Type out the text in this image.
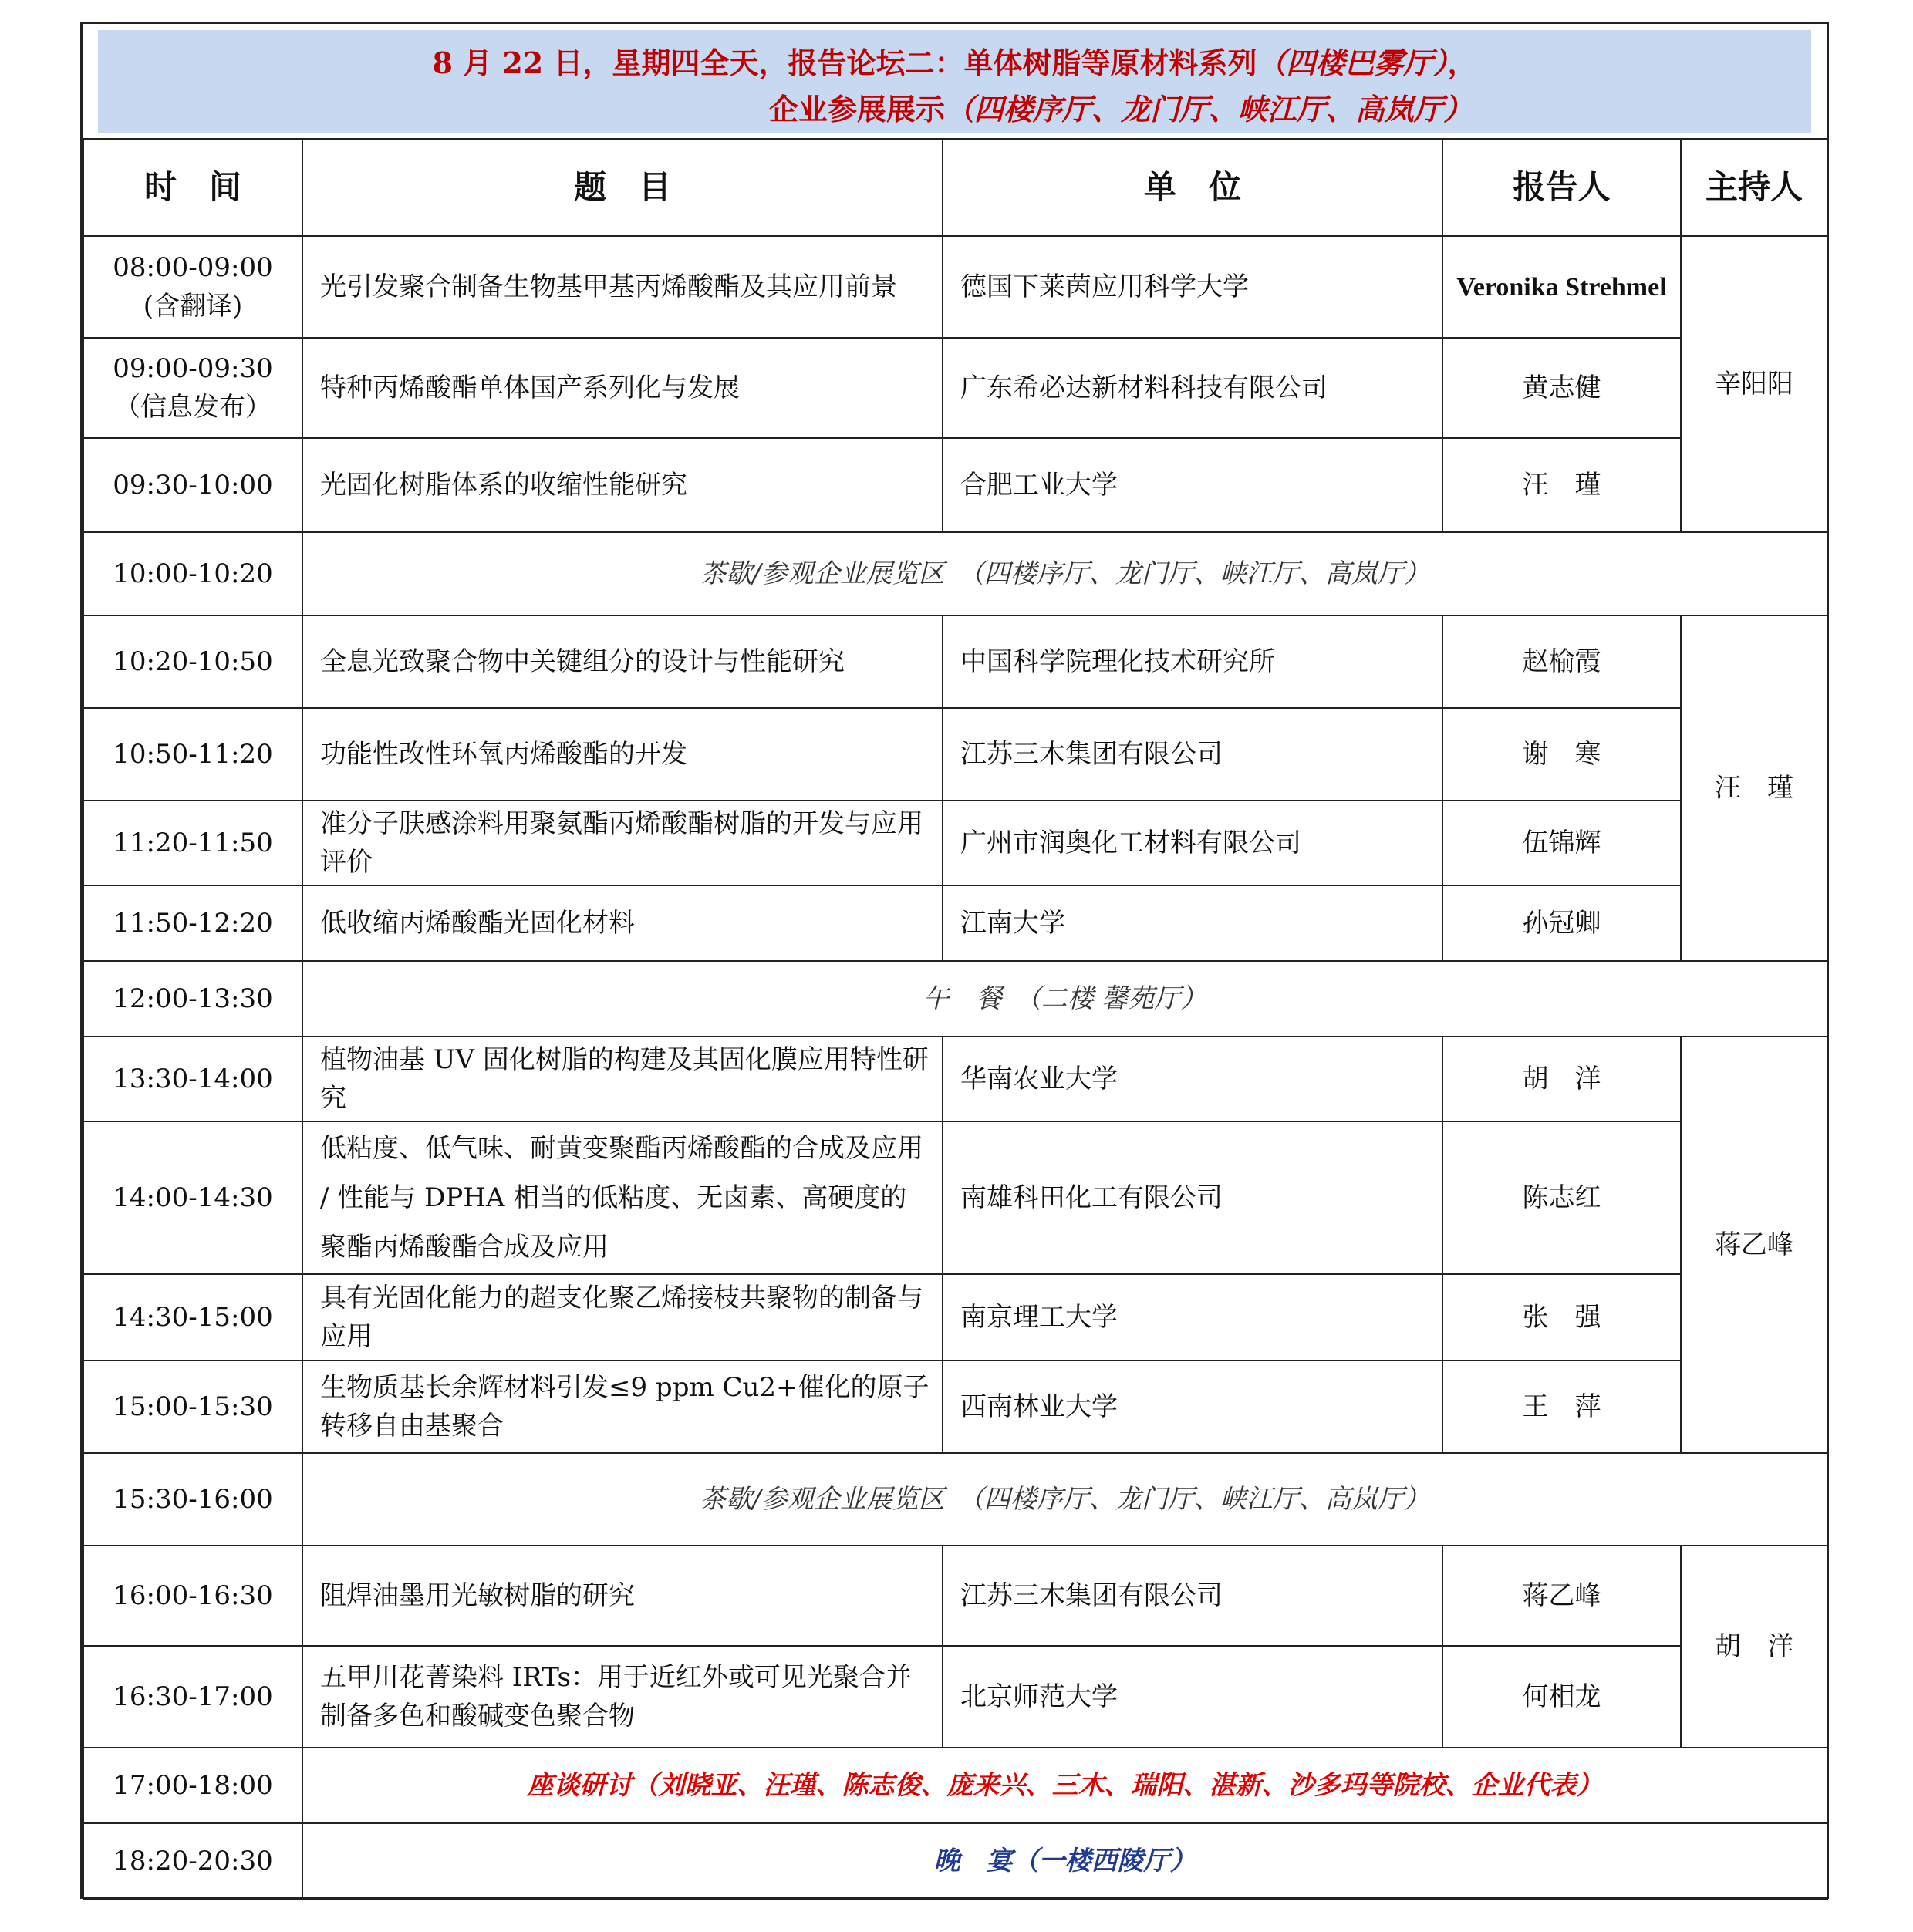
8 月 22 日，星期四全天，报告论坛二：单体树脂等原材料系列（四楼巴雾厅），
企业参展展示（四楼序厅、龙门厅、峡江厅、高岚厅）
时　间	题　目	单　位	报告人	主持人

08:00-09:00
(含翻译)	光引发聚合制备生物基甲基丙烯酸酯及其应用前景	德国下莱茵应用科学大学	Veronika Strehmel	辛阳阳

09:00-09:30
（信息发布）	特种丙烯酸酯单体国产系列化与发展	广东希必达新材料科技有限公司	黄志健	
09:30-10:00	光固化树脂体系的收缩性能研究	合肥工业大学	汪　瑾	
10:00-10:20	茶歇/参观企业展览区　（四楼序厅、龙门厅、峡江厅、高岚厅）			
10:20-10:50	全息光致聚合物中关键组分的设计与性能研究	中国科学院理化技术研究所	赵榆霞	汪　瑾
10:50-11:20	功能性改性环氧丙烯酸酯的开发	江苏三木集团有限公司	谢　寒	
11:20-11:50	准分子肤感涂料用聚氨酯丙烯酸酯树脂的开发与应用评价	广州市润奥化工材料有限公司	伍锦辉	
11:50-12:20	低收缩丙烯酸酯光固化材料	江南大学	孙冠卿	
12:00-13:30	午　餐　（二楼 馨苑厅）			
13:30-14:00	植物油基 UV 固化树脂的构建及其固化膜应用特性研究	华南农业大学	胡　洋	蒋乙峰
14:00-14:30	低粘度、低气味、耐黄变聚酯丙烯酸酯的合成及应用 / 性能与 DPHA 相当的低粘度、无卤素、高硬度的聚酯丙烯酸酯合成及应用	南雄科田化工有限公司	陈志红	
14:30-15:00	具有光固化能力的超支化聚乙烯接枝共聚物的制备与应用	南京理工大学	张　强	
15:00-15:30	生物质基长余辉材料引发≤9 ppm Cu2+催化的原子转移自由基聚合	西南林业大学	王　萍	
15:30-16:00	茶歇/参观企业展览区　（四楼序厅、龙门厅、峡江厅、高岚厅）			
16:00-16:30	阻焊油墨用光敏树脂的研究	江苏三木集团有限公司	蒋乙峰	胡　洋
16:30-17:00	五甲川花菁染料 IRTs：用于近红外或可见光聚合并制备多色和酸碱变色聚合物	北京师范大学	何相龙	
17:00-18:00	座谈研讨（刘晓亚、汪瑾、陈志俊、庞来兴、三木、瑞阳、湛新、沙多玛等院校、企业代表）			
18:20-20:30	晚　宴（一楼西陵厅）			
